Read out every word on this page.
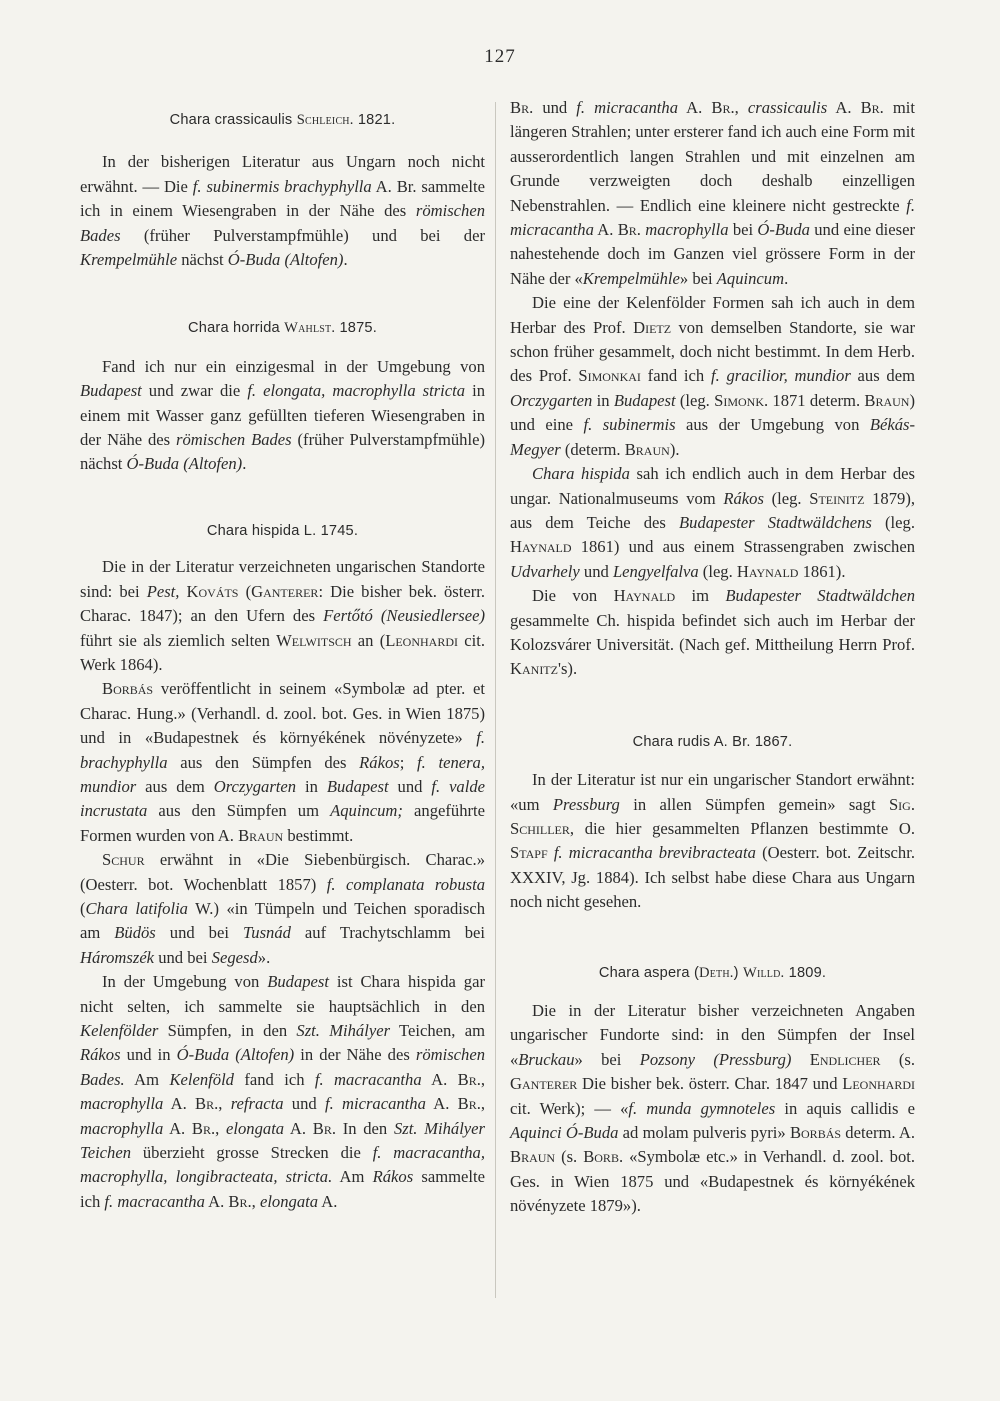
127
Chara crassicaulis Schleich. 1821.

In der bisherigen Literatur aus Ungarn noch nicht erwähnt. — Die f. subinermis brachyphylla A. Br. sammelte ich in einem Wiesengraben in der Nähe des römischen Bades (früher Pulverstampfmühle) und bei der Krempelmühle nächst Ó-Buda (Altofen).

Chara horrida Wahlst. 1875.

Fand ich nur ein einzigesmal in der Umgebung von Budapest und zwar die f. elongata, macrophylla stricta in einem mit Wasser ganz gefüllten tieferen Wiesengraben in der Nähe des römischen Bades (früher Pulverstampfmühle) nächst Ó-Buda (Altofen).

Chara hispida L. 1745.

Die in der Literatur verzeichneten ungarischen Standorte sind: bei Pest, Kováts (Ganterer: Die bisher bek. österr. Charac. 1847); an den Ufern des Fertőtó (Neusiedlersee) führt sie als ziemlich selten Welwitsch an (Leonhardi cit. Werk 1864).

Borbás veröffentlicht in seinem «Symbolæ ad pter. et Charac. Hung.» (Verhandl. d. zool. bot. Ges. in Wien 1875) und in «Budapestnek és környékének növényzete» f. brachyphylla aus den Sümpfen des Rákos; f. tenera, mundior aus dem Orczygarten in Budapest und f. valde incrustata aus den Sümpfen um Aquincum; angeführte Formen wurden von A. Braun bestimmt.

Schur erwähnt in «Die Siebenbürgisch. Charac.» (Oesterr. bot. Wochenblatt 1857) f. complanata robusta (Chara latifolia W.) «in Tümpeln und Teichen sporadisch am Büdös und bei Tusnád auf Trachytschlamm bei Háromszék und bei Segesd».

In der Umgebung von Budapest ist Chara hispida gar nicht selten, ich sammelte sie hauptsächlich in den Kelenfölder Sümpfen, in den Szt. Mihályer Teichen, am Rákos und in Ó-Buda (Altofen) in der Nähe des römischen Bades. Am Kelenföld fand ich f. macracantha A. Br., macrophylla A. Br., refracta und f. micracantha A. Br., macrophylla A. Br., elongata A. Br. In den Szt. Mihályer Teichen überzieht grosse Strecken die f. macracantha, macrophylla, longibracteata, stricta. Am Rákos sammelte ich f. macracantha A. Br., elongata A.

Br. und f. micracantha A. Br., crassicaulis A. Br. mit längeren Strahlen; unter ersterer fand ich auch eine Form mit ausserordentlich langen Strahlen und mit einzelnen am Grunde verzweigten doch deshalb einzelligen Nebenstrahlen. — Endlich eine kleinere nicht gestreckte f. micracantha A. Br. macrophylla bei Ó-Buda und eine dieser nahestehende doch im Ganzen viel grössere Form in der Nähe der «Krempelmühle» bei Aquincum.

Die eine der Kelenfölder Formen sah ich auch in dem Herbar des Prof. Dietz von demselben Standorte, sie war schon früher gesammelt, doch nicht bestimmt. In dem Herb. des Prof. Simonkai fand ich f. gracilior, mundior aus dem Orczygarten in Budapest (leg. Simonk. 1871 determ. Braun) und eine f. subinermis aus der Umgebung von Békás-Megyer (determ. Braun).

Chara hispida sah ich endlich auch in dem Herbar des ungar. Nationalmuseums vom Rákos (leg. Steinitz 1879), aus dem Teiche des Budapester Stadtwäldchens (leg. Haynald 1861) und aus einem Strassengraben zwischen Udvarhely und Lengyelfalva (leg. Haynald 1861).

Die von Haynald im Budapester Stadtwäldchen gesammelte Ch. hispida befindet sich auch im Herbar der Kolozsvárer Universität. (Nach gef. Mittheilung Herrn Prof. Kanitz's).

Chara rudis A. Br. 1867.

In der Literatur ist nur ein ungarischer Standort erwähnt: «um Pressburg in allen Sümpfen gemein» sagt Sig. Schiller, die hier gesammelten Pflanzen bestimmte O. Stapf f. micracantha brevibracteata (Oesterr. bot. Zeitschr. XXXIV, Jg. 1884). Ich selbst habe diese Chara aus Ungarn noch nicht gesehen.

Chara aspera (Deth.) Willd. 1809.

Die in der Literatur bisher verzeichneten Angaben ungarischer Fundorte sind: in den Sümpfen der Insel «Bruckau» bei Pozsony (Pressburg) Endlicher (s. Ganterer Die bisher bek. österr. Char. 1847 und Leonhardi cit. Werk); — «f. munda gymnoteles in aquis callidis e Aquinci Ó-Buda ad molam pulveris pyri» Borbás determ. A. Braun (s. Borb. «Symbolæ etc.» in Verhandl. d. zool. bot. Ges. in Wien 1875 und «Budapestnek és környékének növényzete 1879»).
